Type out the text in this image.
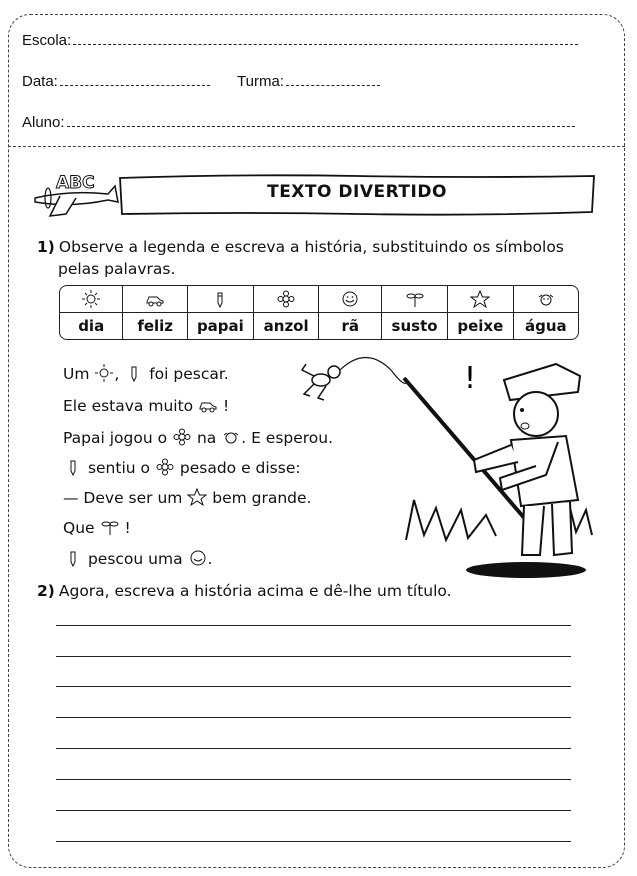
Escola:
Data:	Turma:
Aluno:
ABC	TEXTO DIVERTIDO
1) Observe a legenda e escreva a história, substituindo os símbolos
pelas palavras.

dia	feliz	papai	anzol	rã	susto	peixe	água
Um , foi pescar.
Ele estava muito !
Papai jogou o na . E esperou.
sentiu o pesado e disse:
— Deve ser um bem grande.
Que !
pescou uma .
!
2) Agora, escreva a história acima e dê-lhe um título.
